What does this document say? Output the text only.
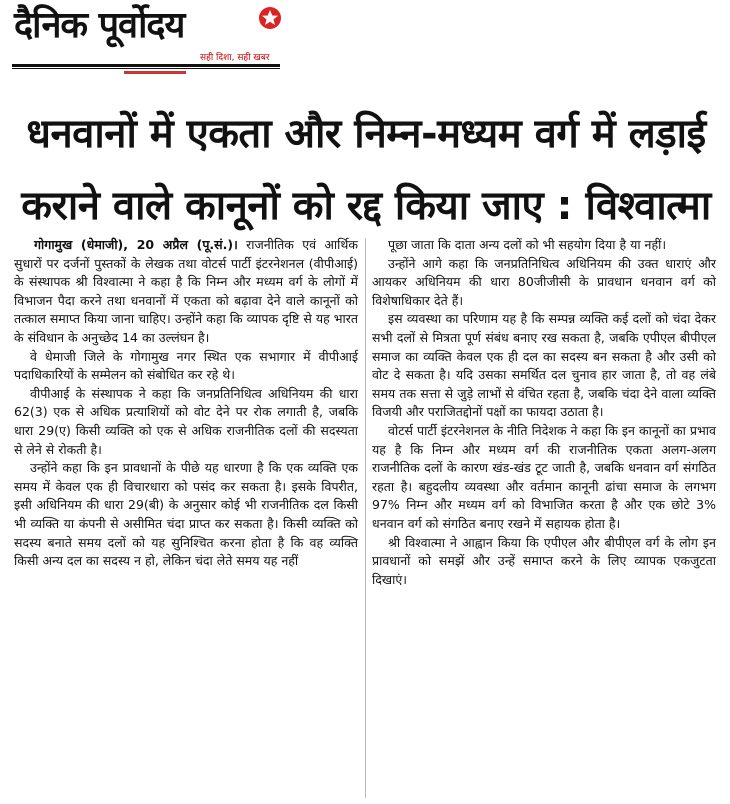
दैनिक पूर्वोदय
सही दिशा, सही खबर
धनवानों में एकता और निम्न-मध्यम वर्ग में लड़ाई
कराने वाले कानूनों को रद्द किया जाए : विश्वात्मा

गोगामुख (धेमाजी), 20 अप्रैल (पू.सं.)। राजनीतिक एवं आर्थिक सुधारों पर दर्जनों पुस्तकों के लेखक तथा वोटर्स पार्टी इंटरनेशनल (वीपीआई) के संस्थापक श्री विश्वात्मा ने कहा है कि निम्न और मध्यम वर्ग के लोगों में विभाजन पैदा करने तथा धनवानों में एकता को बढ़ावा देने वाले कानूनों को तत्काल समाप्त किया जाना चाहिए। उन्होंने कहा कि व्यापक दृष्टि से यह भारत के संविधान के अनुच्छेद 14 का उल्लंघन है।

वे धेमाजी जिले के गोगामुख नगर स्थित एक सभागार में वीपीआई पदाधिकारियों के सम्मेलन को संबोधित कर रहे थे।

वीपीआई के संस्थापक ने कहा कि जनप्रतिनिधित्व अधिनियम की धारा 62(3) एक से अधिक प्रत्याशियों को वोट देने पर रोक लगाती है, जबकि धारा 29(ए) किसी व्यक्ति को एक से अधिक राजनीतिक दलों की सदस्यता से लेने से रोकती है।

उन्होंने कहा कि इन प्रावधानों के पीछे यह धारणा है कि एक व्यक्ति एक समय में केवल एक ही विचारधारा को पसंद कर सकता है। इसके विपरीत, इसी अधिनियम की धारा 29(बी) के अनुसार कोई भी राजनीतिक दल किसी भी व्यक्ति या कंपनी से असीमित चंदा प्राप्त कर सकता है। किसी व्यक्ति को सदस्य बनाते समय दलों को यह सुनिश्चित करना होता है कि वह व्यक्ति किसी अन्य दल का सदस्य न हो, लेकिन चंदा लेते समय यह नहीं

पूछा जाता कि दाता अन्य दलों को भी सहयोग दिया है या नहीं।

उन्होंने आगे कहा कि जनप्रतिनिधित्व अधिनियम की उक्त धाराएं और आयकर अधिनियम की धारा 80जीजीसी के प्रावधान धनवान वर्ग को विशेषाधिकार देते हैं।

इस व्यवस्था का परिणाम यह है कि सम्पन्न व्यक्ति कई दलों को चंदा देकर सभी दलों से मित्रता पूर्ण संबंध बनाए रख सकता है, जबकि एपीएल बीपीएल समाज का व्यक्ति केवल एक ही दल का सदस्य बन सकता है और उसी को वोट दे सकता है। यदि उसका समर्थित दल चुनाव हार जाता है, तो वह लंबे समय तक सत्ता से जुड़े लाभों से वंचित रहता है, जबकि चंदा देने वाला व्यक्ति विजयी और पराजितद्दोनों पक्षों का फायदा उठाता है।

वोटर्स पार्टी इंटरनेशनल के नीति निदेशक ने कहा कि इन कानूनों का प्रभाव यह है कि निम्न और मध्यम वर्ग की राजनीतिक एकता अलग-अलग राजनीतिक दलों के कारण खंड-खंड टूट जाती है, जबकि धनवान वर्ग संगठित रहता है। बहुदलीय व्यवस्था और वर्तमान कानूनी ढांचा समाज के लगभग 97% निम्न और मध्यम वर्ग को विभाजित करता है और एक छोटे 3% धनवान वर्ग को संगठित बनाए रखने में सहायक होता है।

श्री विश्वात्मा ने आह्वान किया कि एपीएल और बीपीएल वर्ग के लोग इन प्रावधानों को समझें और उन्हें समाप्त करने के लिए व्यापक एकजुटता दिखाएं।
